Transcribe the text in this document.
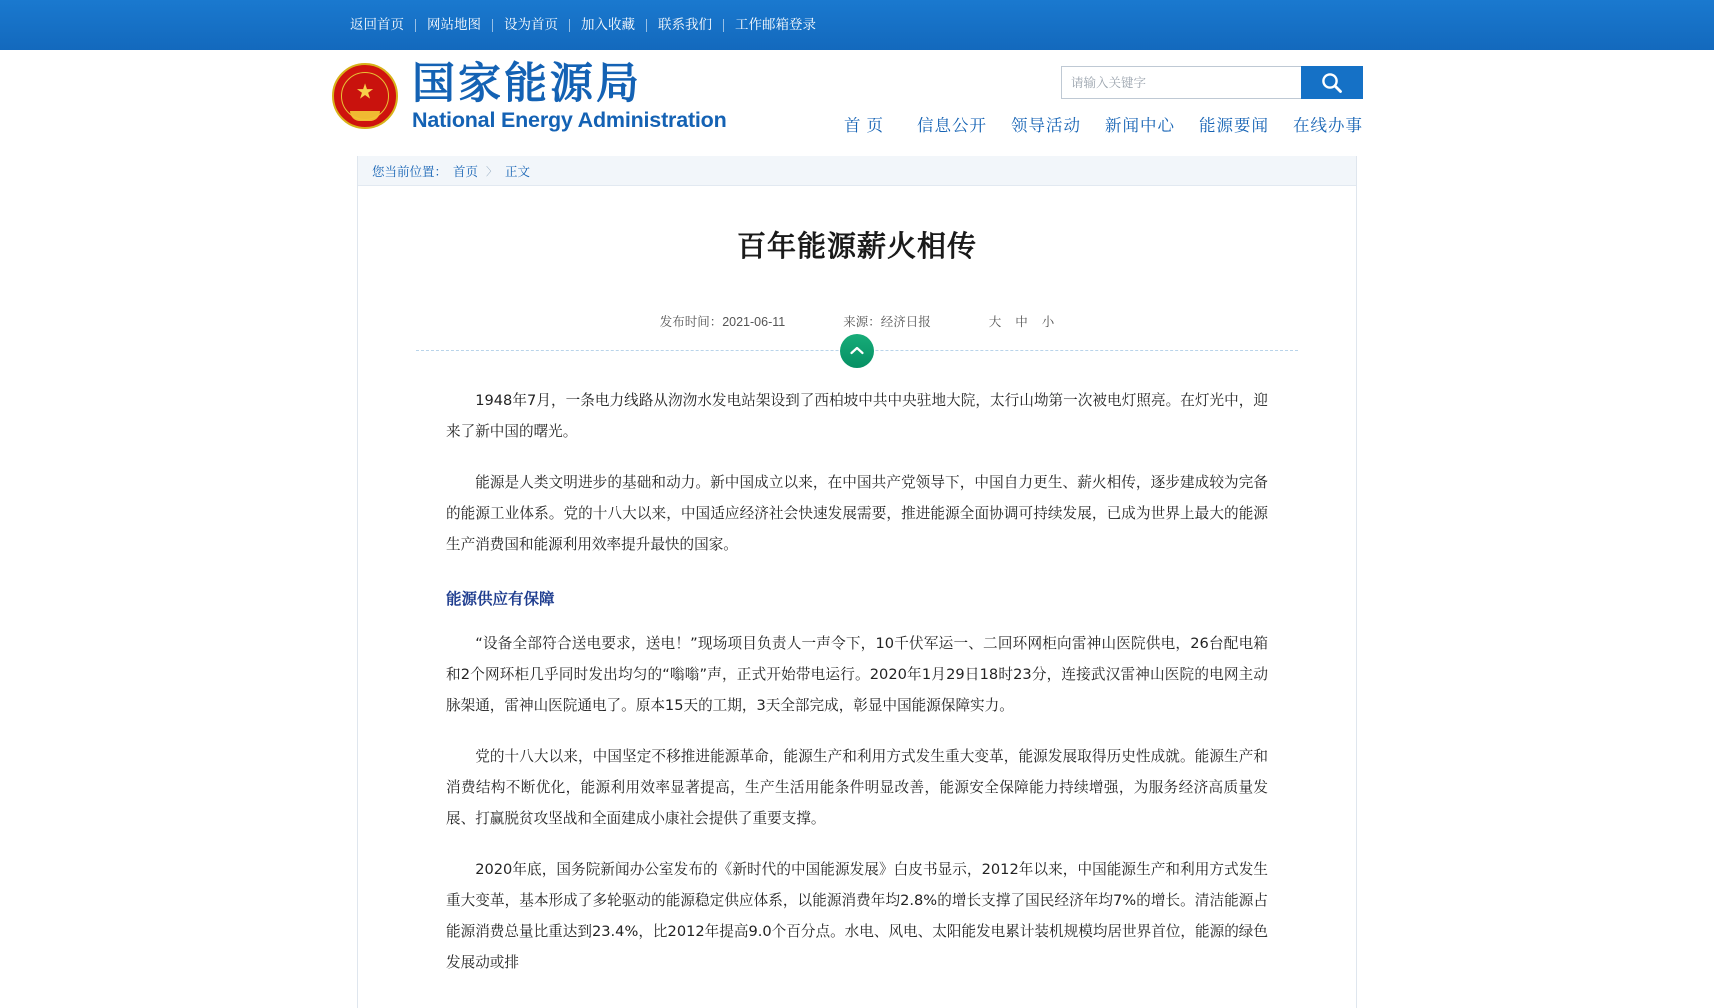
返回首页	网站地图	设为首页	加入收藏	联系我们	工作邮箱登录
★ 国家能源局
National Energy Administration
请输入关键字	首页 信息公开 领导活动 新闻中心 能源要闻 在线办事
您当前位置： 首页 〉 正文
百年能源薪火相传
发布时间：2021-06-11	来源：经济日报	大 中 小

1948年7月，一条电力线路从沕沕水发电站架设到了西柏坡中共中央驻地大院，太行山坳第一次被电灯照亮。在灯光中，迎来了新中国的曙光。

能源是人类文明进步的基础和动力。新中国成立以来，在中国共产党领导下，中国自力更生、薪火相传，逐步建成较为完备的能源工业体系。党的十八大以来，中国适应经济社会快速发展需要，推进能源全面协调可持续发展，已成为世界上最大的能源生产消费国和能源利用效率提升最快的国家。

能源供应有保障

“设备全部符合送电要求，送电！”现场项目负责人一声令下，10千伏军运一、二回环网柜向雷神山医院供电，26台配电箱和2个网环柜几乎同时发出均匀的“嗡嗡”声，正式开始带电运行。2020年1月29日18时23分，连接武汉雷神山医院的电网主动脉架通，雷神山医院通电了。原本15天的工期，3天全部完成，彰显中国能源保障实力。

党的十八大以来，中国坚定不移推进能源革命，能源生产和利用方式发生重大变革，能源发展取得历史性成就。能源生产和消费结构不断优化，能源利用效率显著提高，生产生活用能条件明显改善，能源安全保障能力持续增强，为服务经济高质量发展、打赢脱贫攻坚战和全面建成小康社会提供了重要支撑。

2020年底，国务院新闻办公室发布的《新时代的中国能源发展》白皮书显示，2012年以来，中国能源生产和利用方式发生重大变革，基本形成了多轮驱动的能源稳定供应体系，以能源消费年均2.8%的增长支撑了国民经济年均7%的增长。清洁能源占能源消费总量比重达到23.4%，比2012年提高9.0个百分点。水电、风电、太阳能发电累计装机规模均居世界首位，能源的绿色发展动或排
